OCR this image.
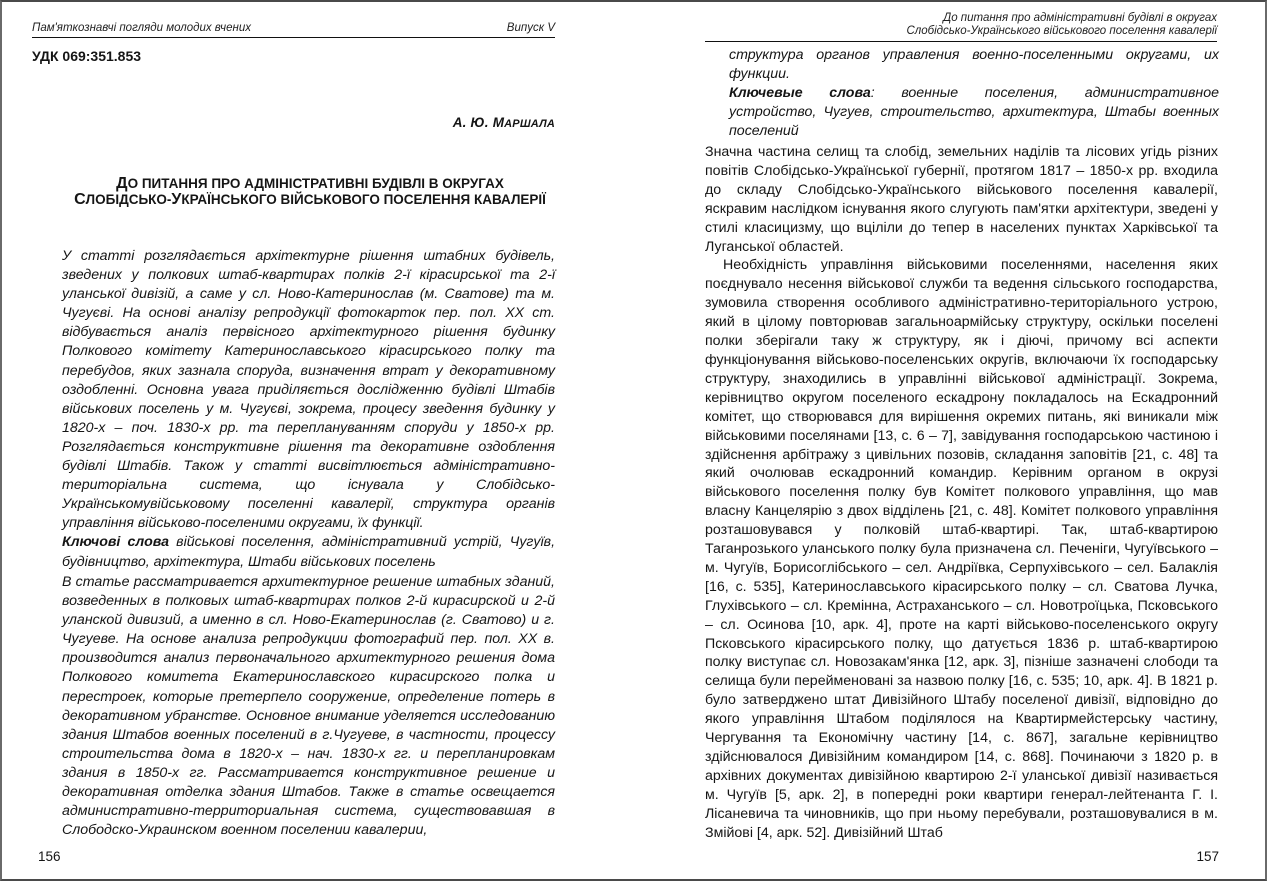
Пам'яткознавчі погляди молодих вчених	Випуск V
УДК 069:351.853
А. Ю. МАРШАЛА
ДО ПИТАННЯ ПРО АДМІНІСТРАТИВНІ БУДІВЛІ В ОКРУГАХ
СЛОБІДСЬКО-УКРАЇНСЬКОГО ВІЙСЬКОВОГО ПОСЕЛЕННЯ КАВАЛЕРІЇ
У статті розглядається архітектурне рішення штабних будівель, зведених у полкових штаб-квартирах полків 2-ї кірасирської та 2-ї уланської дивізій, а саме у сл. Ново-Катеринослав (м. Сватове) та м. Чугуєві. На основі аналізу репродукції фотокарток пер. пол. XX ст. відбувається аналіз первісного архітектурного рішення будинку Полкового комітету Катеринославського кірасирського полку та перебудов, яких зазнала споруда, визначення втрат у декоративному оздобленні. Основна увага приділяється дослідженню будівлі Штабів військових поселень у м. Чугуєві, зокрема, процесу зведення будинку у 1820-х – поч. 1830-х рр. та переплануванням споруди у 1850-х рр. Розглядається конструктивне рішення та декоративне оздоблення будівлі Штабів. Також у статті висвітлюється адміністративно-територіальна система, що існувала у Слобідсько-Українськомувійськовому поселенні кавалерії, структура органів управління військово-поселеними округами, їх функції.
Ключові слова військові поселення, адміністративний устрій, Чугуїв, будівництво, архітектура, Штаби військових поселень
В статье рассматривается архитектурное решение штабных зданий, возведенных в полковых штаб-квартирах полков 2-й кирасирской и 2-й уланской дивизий, а именно в сл. Ново-Екатеринослав (г. Сватово) и г. Чугуеве. На основе анализа репродукции фотографий пер. пол. XX в. производится анализ первоначального архитектурного решения дома Полкового комитета Екатеринославского кирасирского полка и перестроек, которые претерпело сооружение, определение потерь в декоративном убранстве. Основное внимание уделяется исследованию здания Штабов военных поселений в г.Чугуеве, в частности, процессу строительства дома в 1820-х – нач. 1830-х гг. и перепланировкам здания в 1850-х гг. Рассматривается конструктивное решение и декоративная отделка здания Штабов. Также в статье освещается административно-территориальная система, существовавшая в Слободско-Украинском военном поселении кавалерии,
156
До питання про адміністративні будівлі в округах
Слобідсько-Українського військового поселення кавалерії
структура органов управления военно-поселенными округами, их функции.
Ключевые слова: военные поселения, административное устройство, Чугуев, строительство, архитектура, Штабы военных поселений

Значна частина селищ та слобід, земельних наділів та лісових угідь різних повітів Слобідсько-Української губернії, протягом 1817 – 1850-х рр. входила до складу Слобідсько-Українського військового поселення кавалерії, яскравим наслідком існування якого слугують пам'ятки архітектури, зведені у стилі класицизму, що вціліли до тепер в населених пунктах Харківської та Луганської областей.

Необхідність управління військовими поселеннями, населення яких поєднувало несення військової служби та ведення сільського господарства, зумовила створення особливого адміністративно-територіального устрою, який в цілому повторював загальноармійську структуру, оскільки поселені полки зберігали таку ж структуру, як і діючі, причому всі аспекти функціонування військово-поселенських округів, включаючи їх господарську структуру, знаходились в управлінні військової адміністрації. Зокрема, керівництво округом поселеного ескадрону покладалось на Ескадронний комітет, що створювався для вирішення окремих питань, які виникали між військовими поселянами [13, с. 6 – 7], завідування господарською частиною і здійснення арбітражу з цивільних позовів, складання заповітів [21, с. 48] та який очолював ескадронний командир. Керівним органом в окрузі військового поселення полку був Комітет полкового управління, що мав власну Канцелярію з двох відділень [21, с. 48]. Комітет полкового управління розташовувався у полковій штаб-квартирі. Так, штаб-квартирою Таганрозького уланського полку була призначена сл. Печеніги, Чугуївського – м. Чугуїв, Борисоглібського – сел. Андріївка, Серпухівського – сел. Балаклія [16, с. 535], Катеринославського кірасирського полку – сл. Сватова Лучка, Глухівського – сл. Кремінна, Астраханського – сл. Новотроїцька, Псковського – сл. Осинова [10, арк. 4], проте на карті військово-поселенського округу Псковського кірасирського полку, що датується 1836 р. штаб-квартирою полку виступає сл. Новозакам'янка [12, арк. 3], пізніше зазначені слободи та селища були перейменовані за назвою полку [16, с. 535; 10, арк. 4]. В 1821 р. було затверджено штат Дивізійного Штабу поселеної дивізії, відповідно до якого управління Штабом поділялося на Квартирмейстерську частину, Чергування та Економічну частину [14, с. 867], загальне керівництво здійснювалося Дивізійним командиром [14, с. 868]. Починаючи з 1820 р. в архівних документах дивізійною квартирою 2-ї уланської дивізії називається м. Чугуїв [5, арк. 2], в попередні роки квартири генерал-лейтенанта Г. І. Лісаневича та чиновників, що при ньому перебували, розташовувалися в м. Змійові [4, арк. 52]. Дивізійний Штаб

157
